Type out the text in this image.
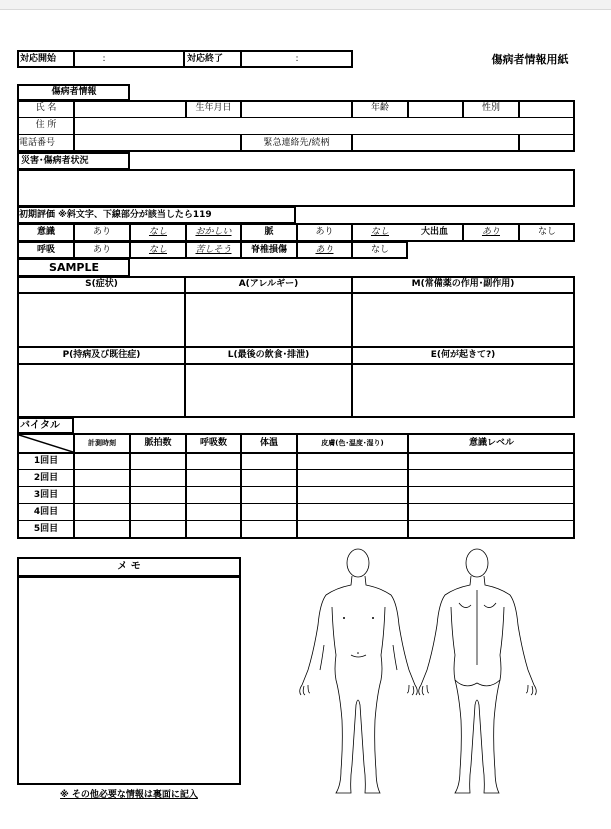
対応開始	:	対応終了	:	傷病者情報用紙
傷病者情報
氏 名	生年月日	年齢	性別
住 所
電話番号	緊急連絡先/続柄
災害･傷病者状況
初期評価 ※斜文字、下線部分が該当したら119
意識	あり	なし	おかしい	脈	あり	なし	大出血	あり	なし
呼吸	あり	なし	苦しそう	脊椎損傷	あり	なし
SAMPLE
S(症状)	A(アレルギー)	M(常備薬の作用･副作用)
P(持病及び既往症)	L(最後の飲食･排泄)	E(何が起きて?)
バイタル
計測時刻	脈拍数	呼吸数	体温	皮膚(色･温度･湿り)	意識レベル
1回目
2回目
3回目
4回目
5回目
メ モ
※ その他必要な情報は裏面に記入
